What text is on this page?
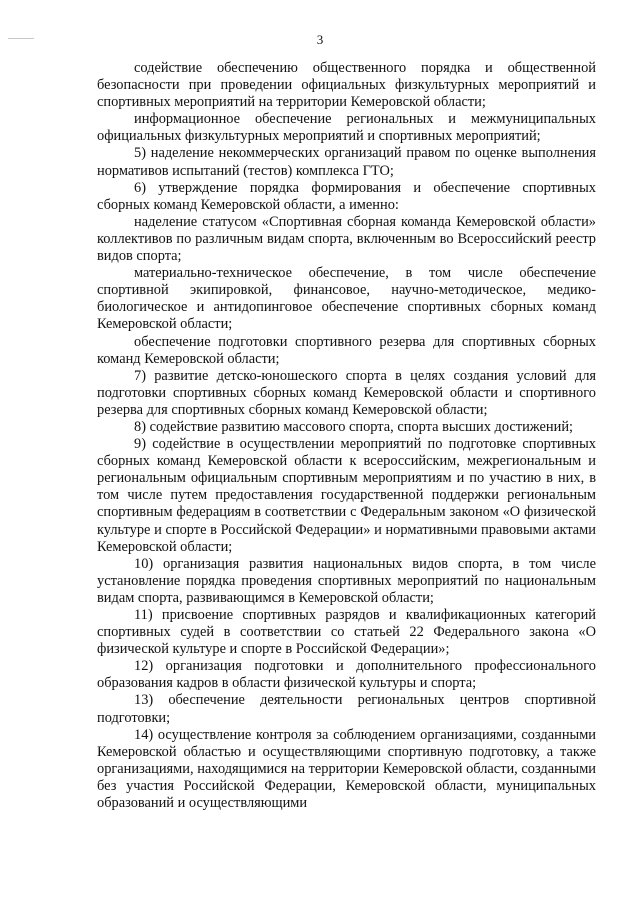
3

содействие обеспечению общественного порядка и общественной безопасности при проведении официальных физкультурных мероприятий и спортивных мероприятий на территории Кемеровской области;

информационное обеспечение региональных и межмуниципальных официальных физкультурных мероприятий и спортивных мероприятий;

5) наделение некоммерческих организаций правом по оценке выполнения нормативов испытаний (тестов) комплекса ГТО;

6) утверждение порядка формирования и обеспечение спортивных сборных команд Кемеровской области, а именно:

наделение статусом «Спортивная сборная команда Кемеровской области» коллективов по различным видам спорта, включенным во Всероссийский реестр видов спорта;

материально-техническое обеспечение, в том числе обеспечение спортивной экипировкой, финансовое, научно-методическое, медико-биологическое и антидопинговое обеспечение спортивных сборных команд Кемеровской области;

обеспечение подготовки спортивного резерва для спортивных сборных команд Кемеровской области;

7) развитие детско-юношеского спорта в целях создания условий для подготовки спортивных сборных команд Кемеровской области и спортивного резерва для спортивных сборных команд Кемеровской области;

8) содействие развитию массового спорта, спорта высших достижений;

9) содействие в осуществлении мероприятий по подготовке спортивных сборных команд Кемеровской области к всероссийским, межрегиональным и региональным официальным спортивным мероприятиям и по участию в них, в том числе путем предоставления государственной поддержки региональным спортивным федерациям в соответствии с Федеральным законом «О физической культуре и спорте в Российской Федерации» и нормативными правовыми актами Кемеровской области;

10) организация развития национальных видов спорта, в том числе установление порядка проведения спортивных мероприятий по национальным видам спорта, развивающимся в Кемеровской области;

11) присвоение спортивных разрядов и квалификационных категорий спортивных судей в соответствии со статьей 22 Федерального закона «О физической культуре и спорте в Российской Федерации»;

12) организация подготовки и дополнительного профессионального образования кадров в области физической культуры и спорта;

13) обеспечение деятельности региональных центров спортивной подготовки;

14) осуществление контроля за соблюдением организациями, созданными Кемеровской областью и осуществляющими спортивную подготовку, а также организациями, находящимися на территории Кемеровской области, созданными без участия Российской Федерации, Кемеровской области, муниципальных образований и осуществляющими
